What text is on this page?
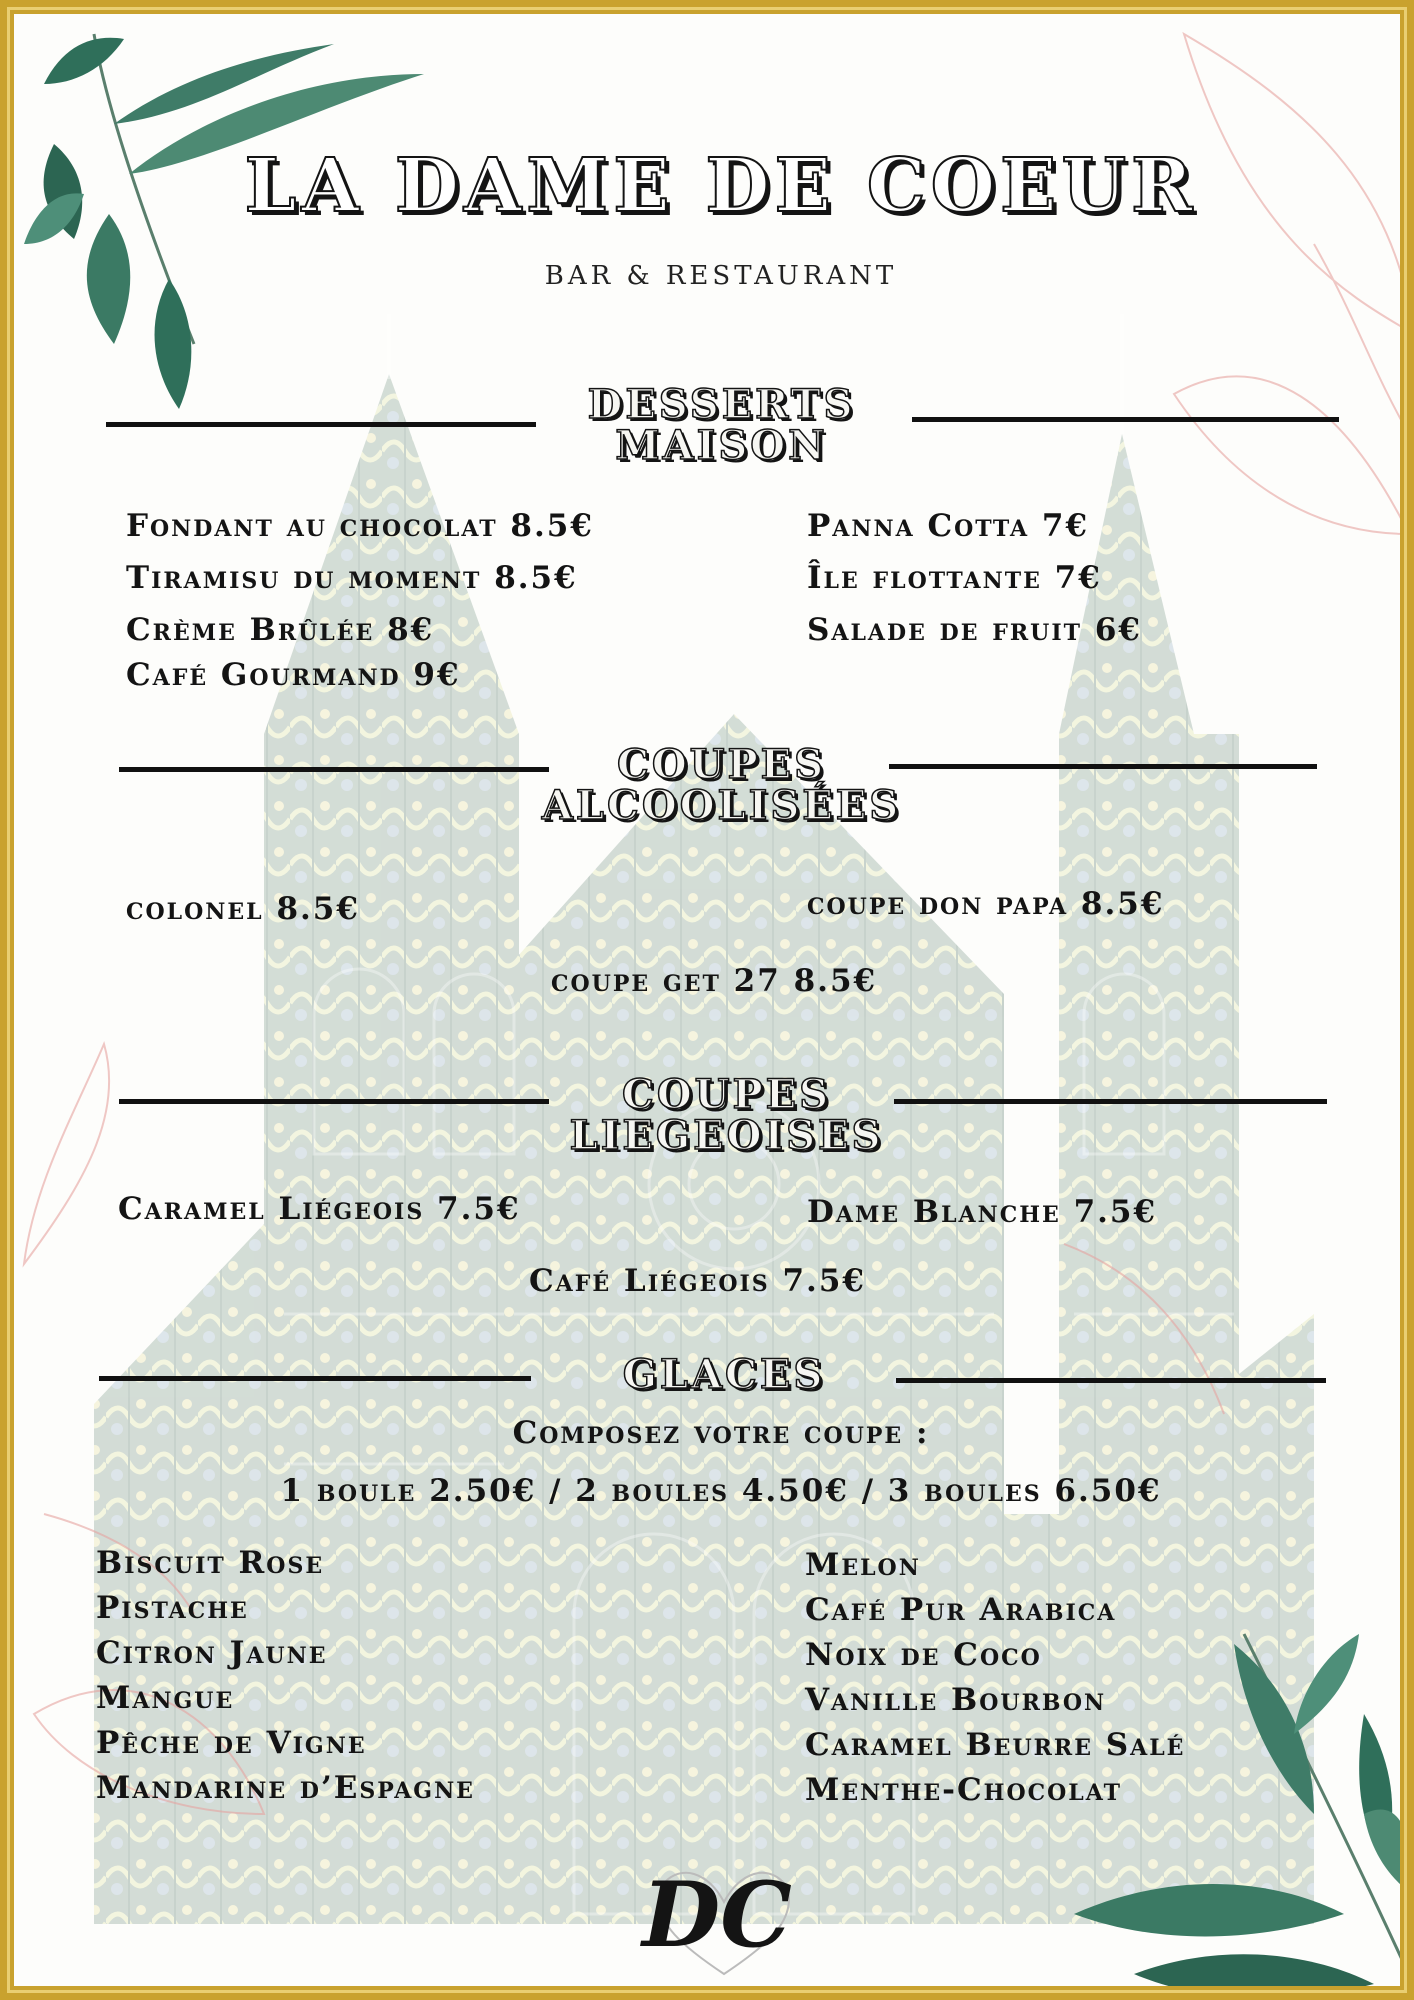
LA DAME DE COEUR
BAR & RESTAURANT
DESSERTS
MAISON
Fondant au chocolat 8.5€
Tiramisu du moment 8.5€
Crème Brûlée 8€
Café Gourmand 9€
Panna Cotta 7€
Île flottante 7€
Salade de fruit 6€
COUPES
ALCOOLISÉES
colonel 8.5€	coupe don papa 8.5€
coupe get 27 8.5€
COUPES
LIEGEOISES
Caramel Liégeois 7.5€	Dame Blanche 7.5€
Café Liégeois 7.5€
GLACES
Composez votre coupe :
1 boule 2.50€ / 2 boules 4.50€ / 3 boules 6.50€
Biscuit Rose
Pistache
Citron Jaune
Mangue
Pêche de Vigne
Mandarine d’Espagne
Melon
Café Pur Arabica
Noix de Coco
Vanille Bourbon
Caramel Beurre Salé
Menthe-Chocolat
DC
